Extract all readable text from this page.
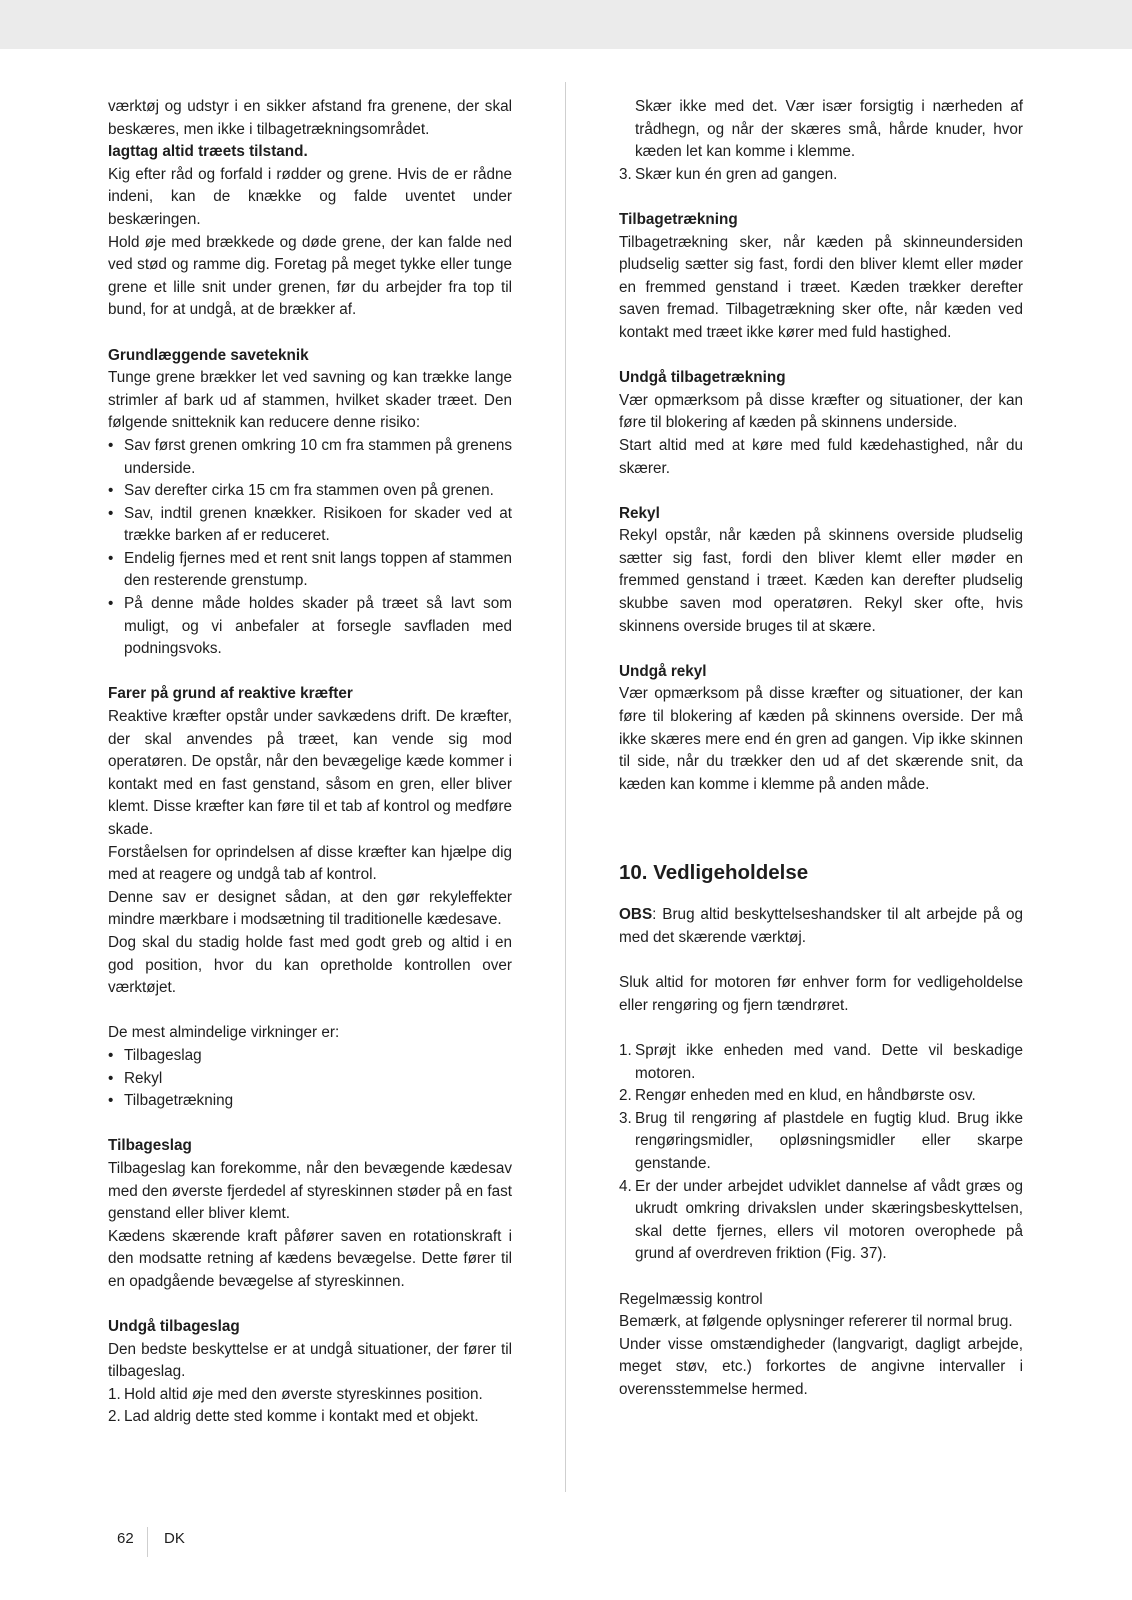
værktøj og udstyr i en sikker afstand fra grenene, der skal beskæres, men ikke i tilbagetrækningsområdet.

Iagttag altid træets tilstand.

Kig efter råd og forfald i rødder og grene. Hvis de er rådne indeni, kan de knække og falde uventet under beskæringen.

Hold øje med brækkede og døde grene, der kan falde ned ved stød og ramme dig. Foretag på meget tykke eller tunge grene et lille snit under grenen, før du arbejder fra top til bund, for at undgå, at de brækker af.

Grundlæggende saveteknik

Tunge grene brækker let ved savning og kan trække lange strimler af bark ud af stammen, hvilket skader træet. Den følgende snitteknik kan reducere denne risiko:

• Sav først grenen omkring 10 cm fra stammen på grenens underside.
• Sav derefter cirka 15 cm fra stammen oven på grenen.
• Sav, indtil grenen knækker. Risikoen for skader ved at trække barken af er reduceret.
• Endelig fjernes med et rent snit langs toppen af stammen den resterende grenstump.
• På denne måde holdes skader på træet så lavt som muligt, og vi anbefaler at forsegle savfladen med podningsvoks.

Farer på grund af reaktive kræfter

Reaktive kræfter opstår under savkædens drift. De kræfter, der skal anvendes på træet, kan vende sig mod operatøren. De opstår, når den bevægelige kæde kommer i kontakt med en fast genstand, såsom en gren, eller bliver klemt. Disse kræfter kan føre til et tab af kontrol og medføre skade.

Forståelsen for oprindelsen af disse kræfter kan hjælpe dig med at reagere og undgå tab af kontrol.

Denne sav er designet sådan, at den gør rekyleffekter mindre mærkbare i modsætning til traditionelle kædesave.

Dog skal du stadig holde fast med godt greb og altid i en god position, hvor du kan opretholde kontrollen over værktøjet.

De mest almindelige virkninger er:

• Tilbageslag
• Rekyl
• Tilbagetrækning

Tilbageslag

Tilbageslag kan forekomme, når den bevægende kædesav med den øverste fjerdedel af styreskinnen støder på en fast genstand eller bliver klemt.

Kædens skærende kraft påfører saven en rotationskraft i den modsatte retning af kædens bevægelse. Dette fører til en opadgående bevægelse af styreskinnen.

Undgå tilbageslag

Den bedste beskyttelse er at undgå situationer, der fører til tilbageslag.

1. Hold altid øje med den øverste styreskinnes position.
2. Lad aldrig dette sted komme i kontakt med et objekt.

Skær ikke med det. Vær især forsigtig i nærheden af trådhegn, og når der skæres små, hårde knuder, hvor kæden let kan komme i klemme.

3. Skær kun én gren ad gangen.

Tilbagetrækning

Tilbagetrækning sker, når kæden på skinneundersiden pludselig sætter sig fast, fordi den bliver klemt eller møder en fremmed genstand i træet. Kæden trækker derefter saven fremad. Tilbagetrækning sker ofte, når kæden ved kontakt med træet ikke kører med fuld hastighed.

Undgå tilbagetrækning

Vær opmærksom på disse kræfter og situationer, der kan føre til blokering af kæden på skinnens underside.

Start altid med at køre med fuld kædehastighed, når du skærer.

Rekyl

Rekyl opstår, når kæden på skinnens overside pludselig sætter sig fast, fordi den bliver klemt eller møder en fremmed genstand i træet. Kæden kan derefter pludselig skubbe saven mod operatøren. Rekyl sker ofte, hvis skinnens overside bruges til at skære.

Undgå rekyl

Vær opmærksom på disse kræfter og situationer, der kan føre til blokering af kæden på skinnens overside. Der må ikke skæres mere end én gren ad gangen. Vip ikke skinnen til side, når du trækker den ud af det skærende snit, da kæden kan komme i klemme på anden måde.

10. Vedligeholdelse

OBS: Brug altid beskyttelseshandsker til alt arbejde på og med det skærende værktøj.

Sluk altid for motoren før enhver form for vedligeholdelse eller rengøring og fjern tændrøret.

1. Sprøjt ikke enheden med vand. Dette vil beskadige motoren.
2. Rengør enheden med en klud, en håndbørste osv.
3. Brug til rengøring af plastdele en fugtig klud. Brug ikke rengøringsmidler, opløsningsmidler eller skarpe genstande.
4. Er der under arbejdet udviklet dannelse af vådt græs og ukrudt omkring drivakslen under skæringsbeskyttelsen, skal dette fjernes, ellers vil motoren overophede på grund af overdreven friktion (Fig. 37).

Regelmæssig kontrol

Bemærk, at følgende oplysninger refererer til normal brug.

Under visse omstændigheder (langvarigt, dagligt arbejde, meget støv, etc.) forkortes de angivne intervaller i overensstemmelse hermed.

62 DK
